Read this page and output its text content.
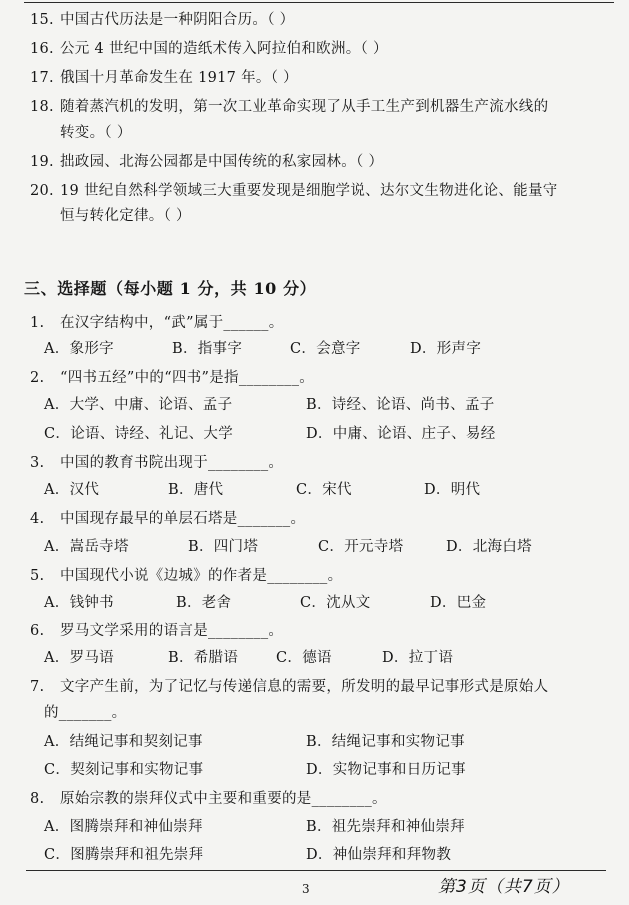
15. 中国古代历法是一种阴阳合历。（ ）
16. 公元 4 世纪中国的造纸术传入阿拉伯和欧洲。（ ）
17. 俄国十月革命发生在 1917 年。（ ）
18. 随着蒸汽机的发明，第一次工业革命实现了从手工生产到机器生产流水线的
转变。（ ）
19. 拙政园、北海公园都是中国传统的私家园林。（ ）
20. 19 世纪自然科学领域三大重要发现是细胞学说、达尔文生物进化论、能量守
恒与转化定律。（ ）
三、选择题（每小题 1 分，共 10 分）
1. 在汉字结构中，“武”属于______。
A．象形字	B．指事字	C．会意字	D．形声字
2. “四书五经”中的“四书”是指________。
A．大学、中庸、论语、孟子	B．诗经、论语、尚书、孟子
C．论语、诗经、礼记、大学	D．中庸、论语、庄子、易经
3. 中国的教育书院出现于________。
A．汉代	B．唐代	C．宋代	D．明代
4. 中国现存最早的单层石塔是_______。
A．嵩岳寺塔	B．四门塔	C．开元寺塔	D．北海白塔
5. 中国现代小说《边城》的作者是________。
A．钱钟书	B．老舍	C．沈从文	D．巴金
6. 罗马文学采用的语言是________。
A．罗马语	B．希腊语	C．德语	D．拉丁语
7. 文字产生前，为了记忆与传递信息的需要，所发明的最早记事形式是原始人
的_______。
A．结绳记事和契刻记事	B．结绳记事和实物记事
C．契刻记事和实物记事	D．实物记事和日历记事
8. 原始宗教的崇拜仪式中主要和重要的是________。
A．图腾崇拜和神仙崇拜	B．祖先崇拜和神仙崇拜
C．图腾崇拜和祖先崇拜	D．神仙崇拜和拜物教
3	第3页（共7页）
